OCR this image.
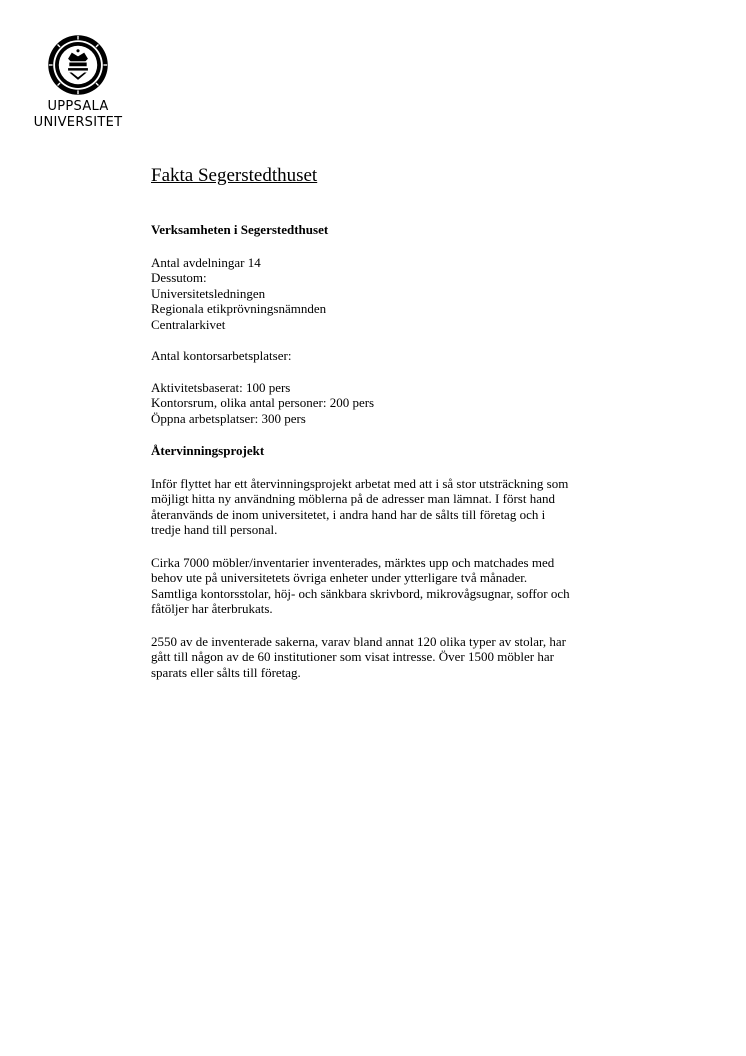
UPPSALA
UNIVERSITET
Fakta Segerstedthuset
Verksamheten i Segerstedthuset
Antal avdelningar 14
Dessutom:
Universitetsledningen
Regionala etikprövningsnämnden
Centralarkivet
Antal kontorsarbetsplatser:
Aktivitetsbaserat: 100 pers
Kontorsrum, olika antal personer: 200 pers
Öppna arbetsplatser: 300 pers
Återvinningsprojekt
Inför flyttet har ett återvinningsprojekt arbetat med att i så stor utsträckning som
möjligt hitta ny användning möblerna på de adresser man lämnat. I först hand
återanvänds de inom universitetet, i andra hand har de sålts till företag och i
tredje hand till personal.
Cirka 7000 möbler/inventarier inventerades, märktes upp och matchades med
behov ute på universitetets övriga enheter under ytterligare två månader.
Samtliga kontorsstolar, höj- och sänkbara skrivbord, mikrovågsugnar, soffor och
fåtöljer har återbrukats.
2550 av de inventerade sakerna, varav bland annat 120 olika typer av stolar, har
gått till någon av de 60 institutioner som visat intresse. Över 1500 möbler har
sparats eller sålts till företag.
